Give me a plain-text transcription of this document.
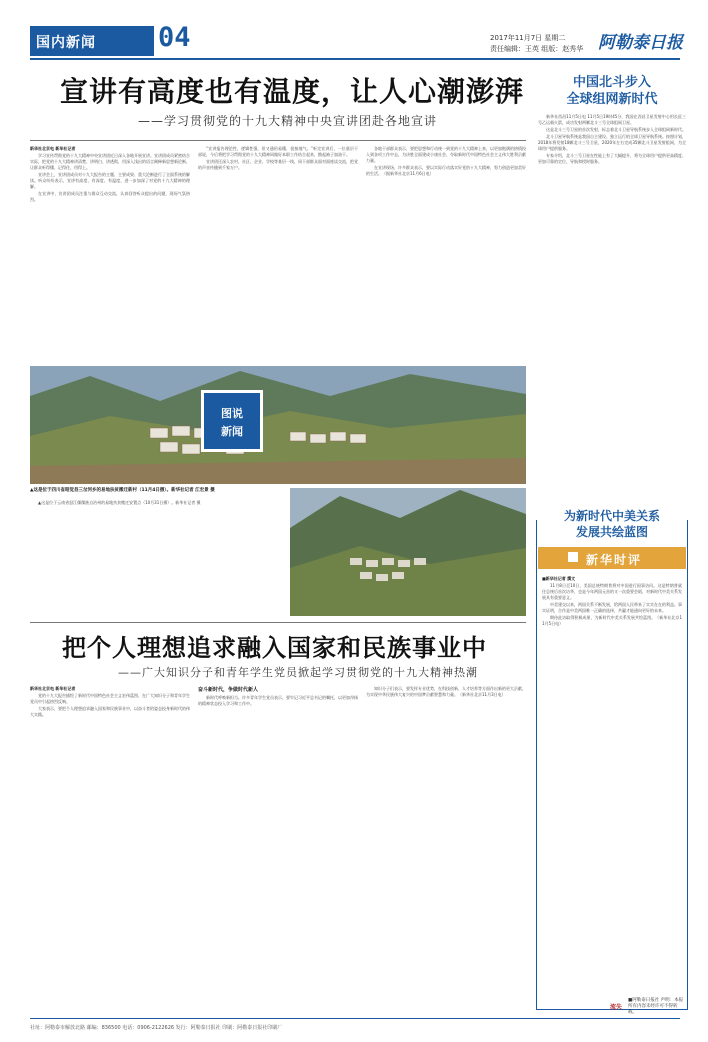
国内新闻 04	2017年11月7日 星期二
责任编辑：王英 组版：赵秀华 阿勒泰日报
宣讲有高度也有温度，让人心潮澎湃
——学习贯彻党的十九大精神中央宣讲团赴各地宣讲

新华社北京电 新华社记者

学习宣传贯彻党的十九大精神中央宣讲团近日深入各地开展宣讲。宣讲团成员紧密结合实际，把党的十九大精神讲清楚、讲明白、讲透彻，用深入浅出的语言阐释新思想新论断，让群众听得懂、记得住、用得上。

宣讲会上，宣讲团成员对十九大报告的主题、主要成果、重大论断进行了全面系统的解读。听众纷纷表示，宣讲有高度、有深度、有温度，进一步加深了对党的十九大精神的理解。

在宣讲中，宣讲团成员注重与群众互动交流，认真回答听众提出的问题，现场气氛热烈。

“宣讲报告理论性、逻辑性强，但又通俗易懂，很接地气。”听完宣讲后，一位基层干部说，今后将把学习贯彻党的十九大精神同做好本职工作结合起来，撸起袖子加油干。

宣讲团还深入农村、社区、企业、学校等基层一线，同干部群众面对面座谈交流，把党的声音传播到千家万户。

各地干部群众表示，要把思想和行动统一到党的十九大精神上来，以更加饱满的热情投入到各项工作中去，为决胜全面建成小康社会、夺取新时代中国特色社会主义伟大胜利贡献力量。

在宣讲现场，许多群众表示，要以实际行动落实好党的十九大精神，努力创造更加美好的生活。（据新华社北京11月6日电）

图说
新闻
▲这是位于四川省昭觉县三岔河乡的易地扶贫搬迁新村（11月4日摄）。新华社记者 江宏景 摄

▲这是位于云南省怒江傈僳族自治州的易地扶贫搬迁安置点（10月31日摄）。新华社记者 摄

把个人理想追求融入国家和民族事业中
——广大知识分子和青年学生党员掀起学习贯彻党的十九大精神热潮

新华社北京电 新华社记者

党的十九大报告描绘了新时代中国特色社会主义宏伟蓝图，在广大知识分子和青年学生党员中引起热烈反响。

大家表示，要把个人理想追求融入国家和民族事业中，以奋斗者的姿态投身新时代的伟大实践。

奋斗新时代，争做时代新人

新时代呼唤新担当。许多青年学生党员表示，要牢记习近平总书记的嘱托，以更加昂扬的精神状态投入学习和工作中。

知识分子们表示，要发挥专业优势，在科技创新、人才培养等方面作出新的更大贡献，为实现中华民族伟大复兴的中国梦贡献智慧和力量。（新华社北京11月3日电）

中国北斗步入
全球组网新时代

新华社西昌11月5日电 11月5日19时45分，我国在西昌卫星发射中心用长征三号乙运载火箭，成功发射两颗北斗三号全球组网卫星。

这是北斗三号卫星的首次发射，标志着北斗卫星导航系统步入全球组网新时代。

北斗卫星导航系统是我国自主建设、独立运行的全球卫星导航系统。按照计划，2018年将发射18颗北斗三号卫星，2020年左右完成35颗北斗卫星发射组网，为全球用户提供服务。

专家介绍，北斗三号卫星在性能上有了大幅提升，将为全球用户提供更高精度、更加可靠的定位、导航和授时服务。

为新时代中美关系
发展共绘蓝图
新华时评

■新华社记者 撰文

11月8日至10日，美国总统特朗普将对中国进行国事访问。这是特朗普就任总统后首次访华，也是今年两国元首的又一次重要会晤，对新时代中美关系发展具有重要意义。

中美建交以来，两国关系不断发展，给两国人民带来了实实在在的利益。事实证明，合作是中美两国唯一正确的选择，共赢才能通向更好的未来。

期待此访取得积极成果，为新时代中美关系发展共绘蓝图。（新华社北京11月5日电）

流失
■阿勒泰日报社 声明：本报所有内容未经许可不得转载。
社址：阿勒泰市解放北路 邮编：836500 电话：0906-2122626 发行：阿勒泰日报社 印刷：阿勒泰日报社印刷厂
